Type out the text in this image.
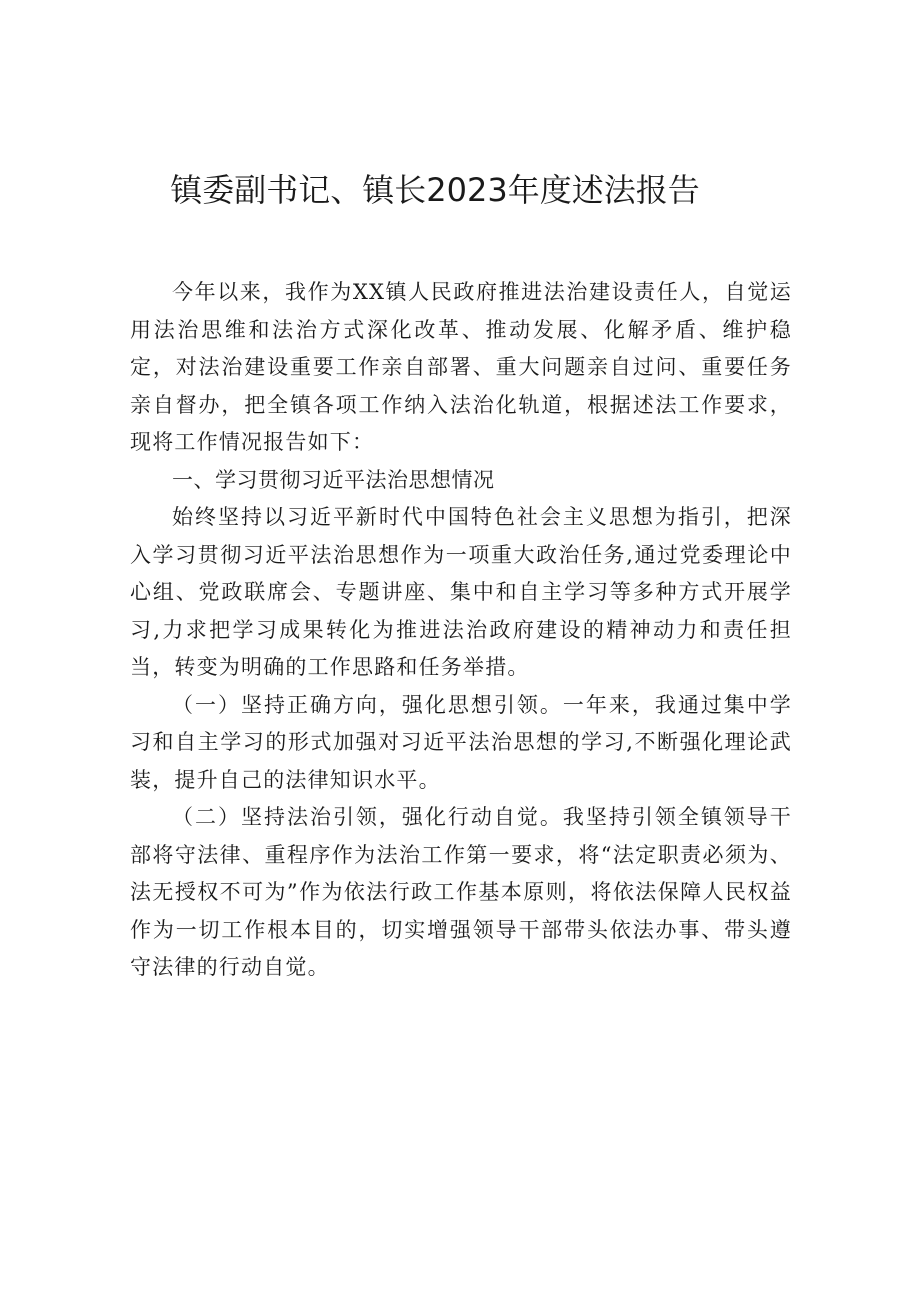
镇委副书记、镇长2023年度述法报告

今年以来，我作为XX镇人民政府推进法治建设责任人，自觉运用法治思维和法治方式深化改革、推动发展、化解矛盾、维护稳定，对法治建设重要工作亲自部署、重大问题亲自过问、重要任务亲自督办，把全镇各项工作纳入法治化轨道，根据述法工作要求，现将工作情况报告如下：

一、学习贯彻习近平法治思想情况

始终坚持以习近平新时代中国特色社会主义思想为指引，把深入学习贯彻习近平法治思想作为一项重大政治任务,通过党委理论中心组、党政联席会、专题讲座、集中和自主学习等多种方式开展学习,力求把学习成果转化为推进法治政府建设的精神动力和责任担当，转变为明确的工作思路和任务举措。

（一）坚持正确方向，强化思想引领。一年来，我通过集中学习和自主学习的形式加强对习近平法治思想的学习,不断强化理论武装，提升自己的法律知识水平。

（二）坚持法治引领，强化行动自觉。我坚持引领全镇领导干部将守法律、重程序作为法治工作第一要求，将“法定职责必须为、法无授权不可为”作为依法行政工作基本原则，将依法保障人民权益作为一切工作根本目的，切实增强领导干部带头依法办事、带头遵守法律的行动自觉。
